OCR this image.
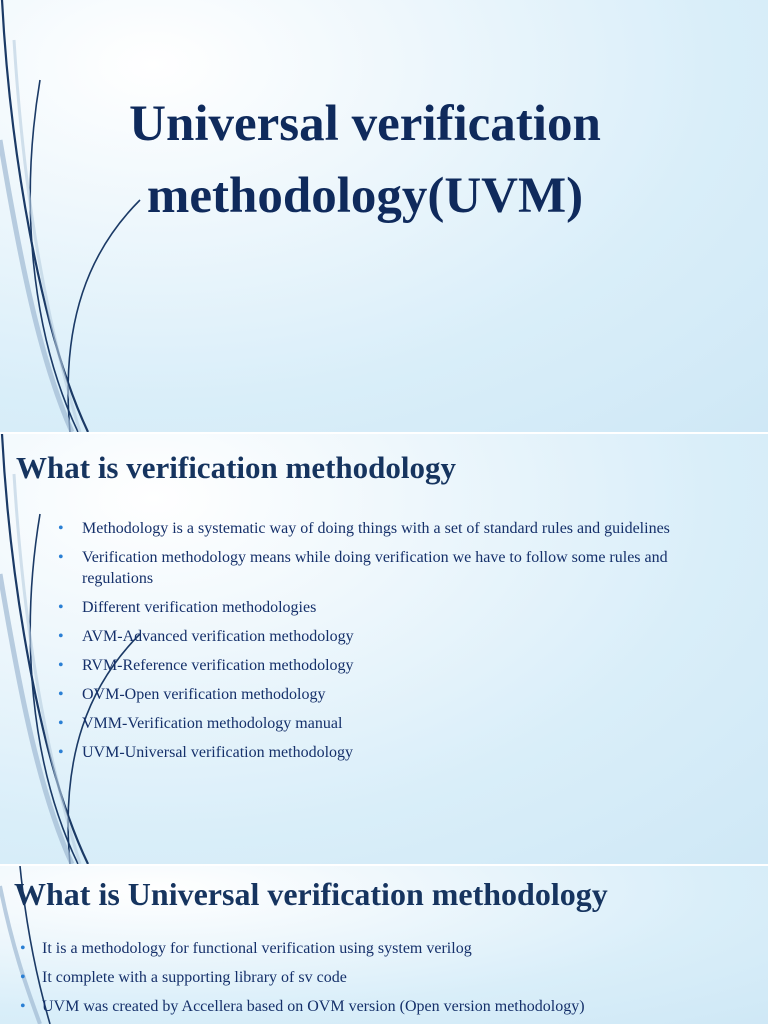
Universal verification
methodology(UVM)
What is verification methodology
• Methodology is a systematic way of doing things with a set of standard rules and guidelines
• Verification methodology means while doing verification we have to follow some rules and regulations
• Different verification methodologies
• AVM-Advanced verification methodology
• RVM-Reference verification methodology
• OVM-Open verification methodology
• VMM-Verification methodology manual
• UVM-Universal verification methodology
What is Universal verification methodology
• It is a methodology for functional verification using system verilog
• It complete with a supporting library of sv code
• UVM was created by Accellera based on OVM version (Open version methodology)
